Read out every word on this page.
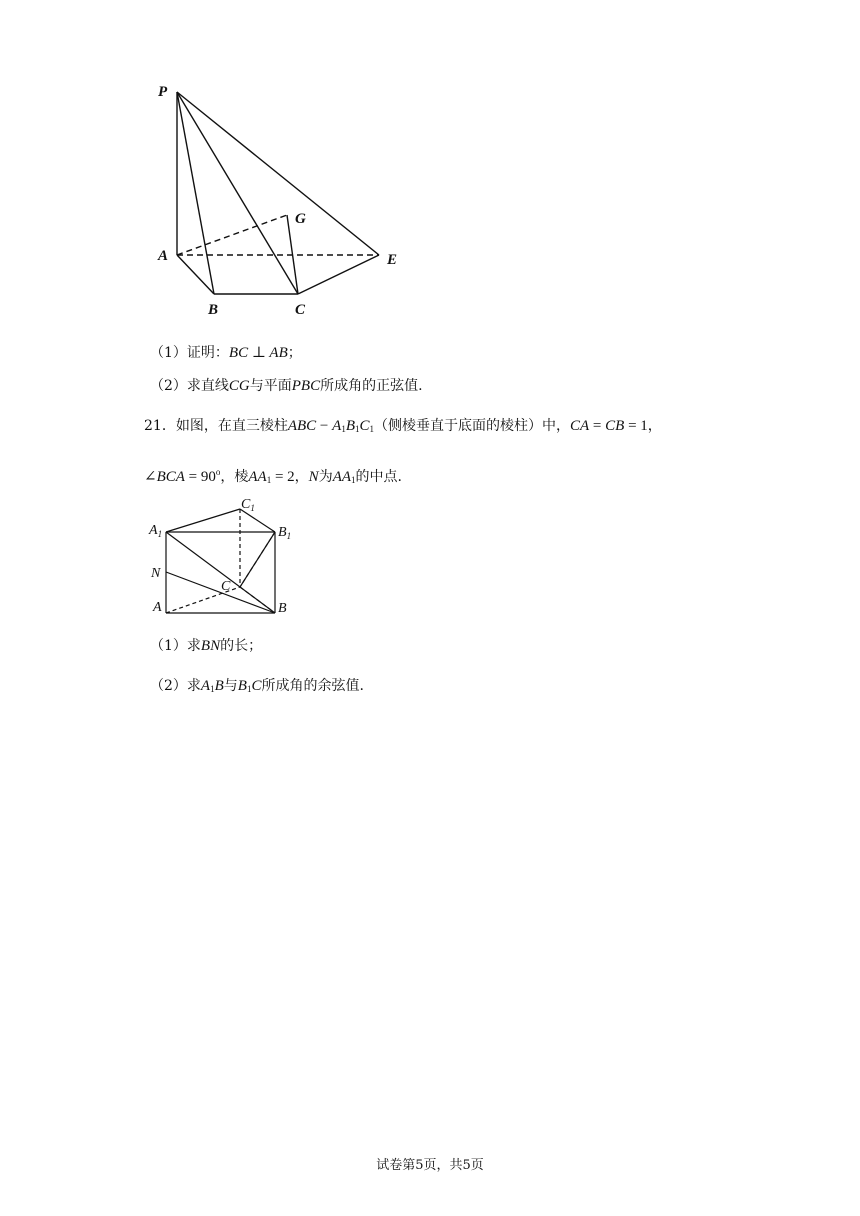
P
A
B	C
G
E
（1）证明：BC ⊥ AB；
（2）求直线CG与平面PBC所成角的正弦值.
21．如图，在直三棱柱ABC − $A_1B_1C_1$（侧棱垂直于底面的棱柱）中，CA = CB = 1，
∠BCA = $90^o$，棱$AA_1 = 2$，N为$AA_1$的中点.
$A_1$
$C_1$
$B_1$
N
C
A	B
（1）求BN的长；
（2）求$A_1B$与$B_1C$所成角的余弦值.
试卷第5页，共5页
